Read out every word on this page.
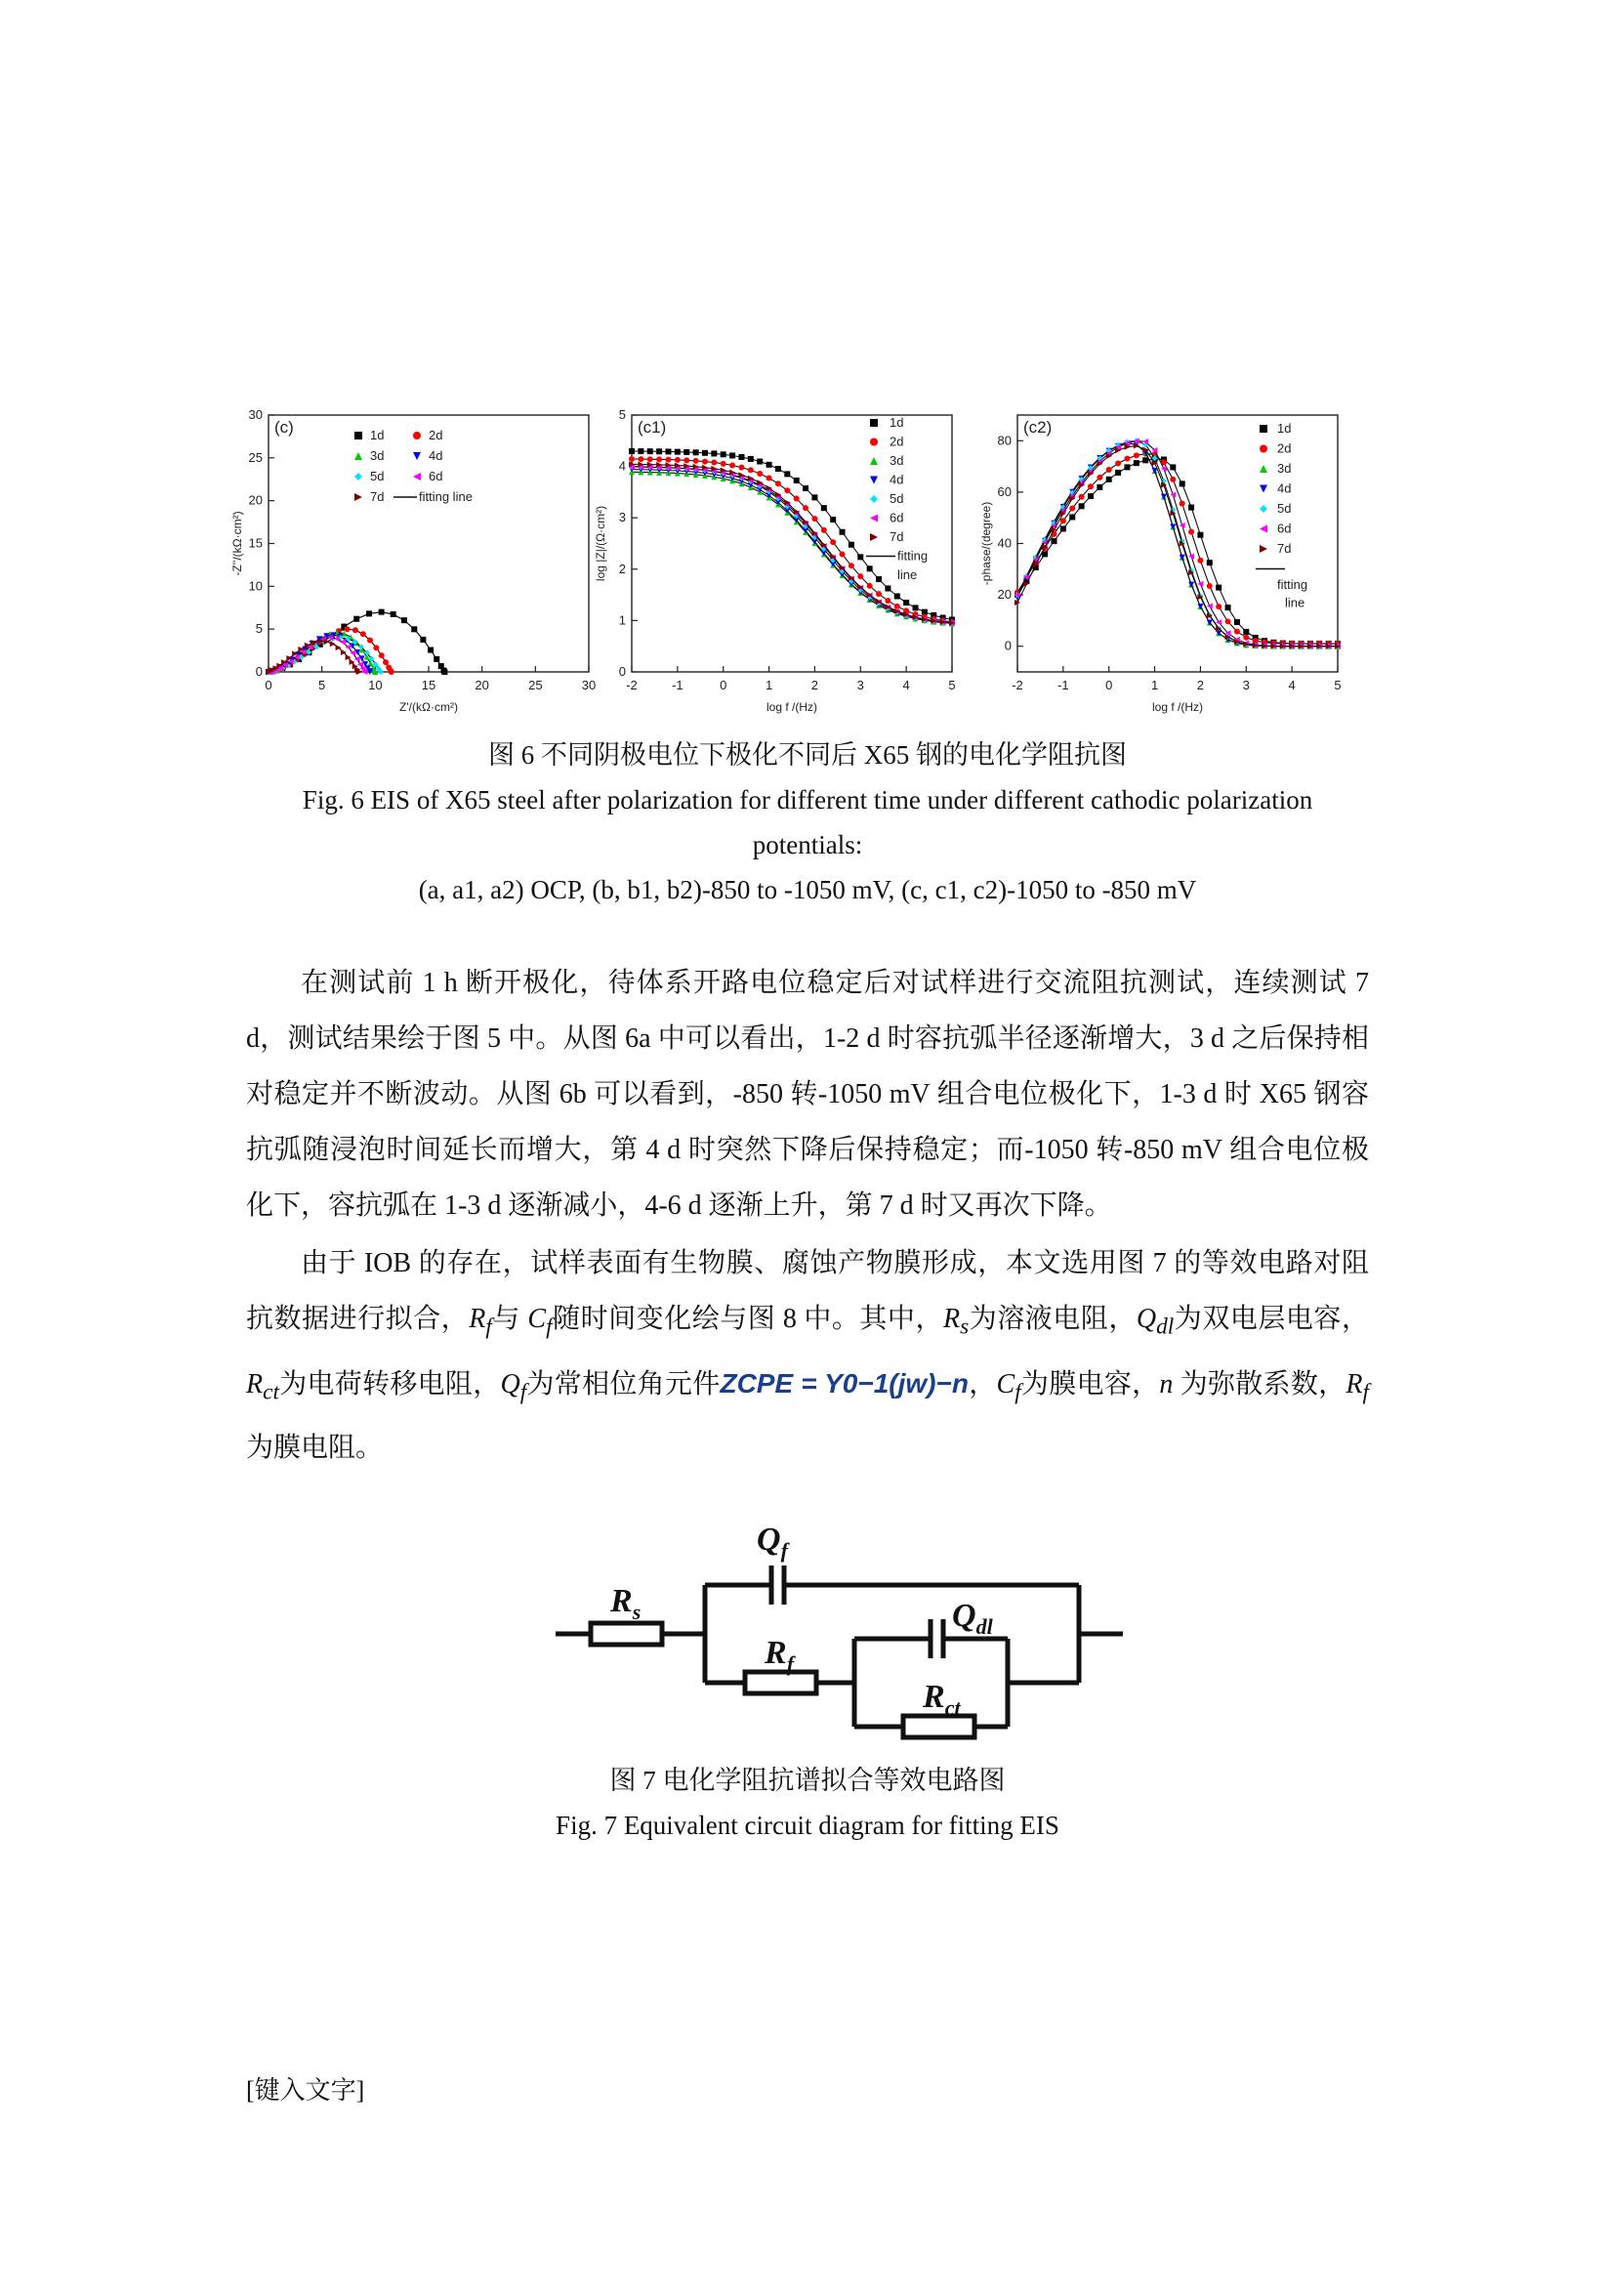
0	5	10	15	20	25	30
0
5
10
15
20
25
30
(c)
Z'/(kΩ·cm²)
-Z''/(kΩ·cm²)
1d	2d
3d	4d
5d	6d
7d	fitting line
-2	-1	0	1	2	3	4	5
0
1
2
3
4
5
(c1)
log f /(Hz)
log |Z|/(Ω·cm²)
1d
2d
3d
4d
5d
6d
7d
fitting
line
-2	-1	0	1	2	3	4	5
0
20
40
60
80
(c2)
log f /(Hz)
-phase/(degree)
1d
2d
3d
4d
5d
6d
7d
fitting
line
图 6 不同阴极电位下极化不同后 X65 钢的电化学阻抗图
Fig. 6 EIS of X65 steel after polarization for different time under different cathodic polarization
potentials:
(a, a1, a2) OCP, (b, b1, b2)-850 to -1050 mV, (c, c1, c2)-1050 to -850 mV

在测试前 1 h 断开极化，待体系开路电位稳定后对试样进行交流阻抗测试，连续测试 7 d，测试结果绘于图 5 中。从图 6a 中可以看出，1-2 d 时容抗弧半径逐渐增大，3 d 之后保持相对稳定并不断波动。从图 6b 可以看到，-850 转-1050 mV 组合电位极化下，1-3 d 时 X65 钢容抗弧随浸泡时间延长而增大，第 4 d 时突然下降后保持稳定；而-1050 转-850 mV 组合电位极化下，容抗弧在 1-3 d 逐渐减小，4-6 d 逐渐上升，第 7 d 时又再次下降。

由于 IOB 的存在，试样表面有生物膜、腐蚀产物膜形成，本文选用图 7 的等效电路对阻抗数据进行拟合，$R_f$与 $C_f$随时间变化绘与图 8 中。其中，$R_s$为溶液电阻，$Q_{dl}$为双电层电容，$R_{ct}$为电荷转移电阻，$Q_f$为常相位角元件ZCPE = Y0−1(jw)−n，$C_f$为膜电容，n 为弥散系数，$R_f$为膜电阻。

$R_s$
$Q_f$
$R_f$
$Q_{dl}$
$R_{ct}$
图 7 电化学阻抗谱拟合等效电路图
Fig. 7 Equivalent circuit diagram for fitting EIS
[键入文字]
